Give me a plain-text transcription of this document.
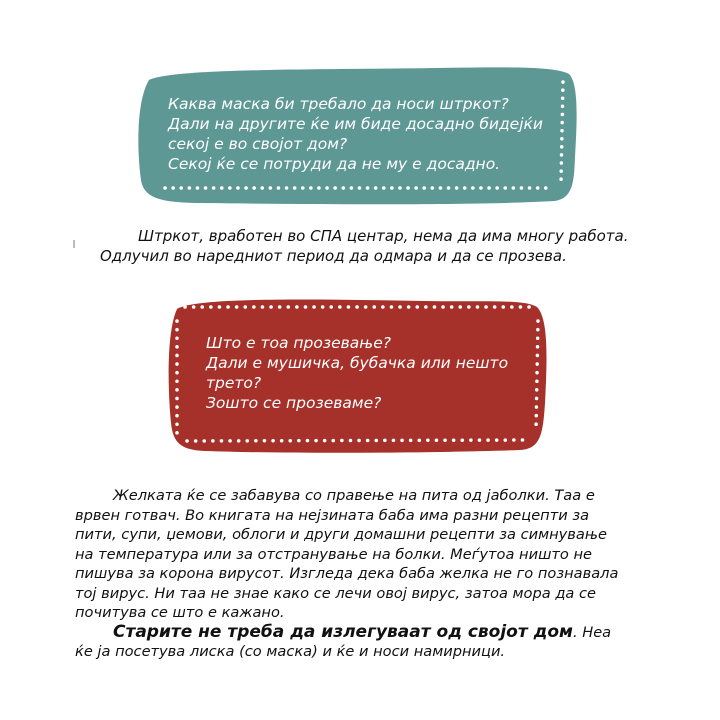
Каква маска би требало да носи штркот?
Дали на другите ќе им биде досадно бидејќи
секој е во својот дом?
Секој ќе се потруди да не му е досадно.
Штркот, вработен во СПА центар, нема да има многу работа.
Одлучил во наредниот период да одмара и да се прозева.
Што е тоа прозевање?
Дали е мушичка, бубачка или нешто
трето?
Зошто се прозеваме?
Желката ќе се забавува со правење на пита од јаболки. Таа е
врвен готвач. Во книгата на нејзината баба има разни рецепти за
пити, супи, џемови, облоги и други домашни рецепти за симнување
на температура или за отстранување на болки. Меѓутоа ништо не
пишува за корона вирусот. Изгледа дека баба желка не го познавала
тој вирус. Ни таа не знае како се лечи овој вирус, затоа мора да се
почитува се што е кажано.
Старите не треба да излегуваат од својот дом. Неа
ќе ја посетува лиска (со маска) и ќе и носи намирници.
